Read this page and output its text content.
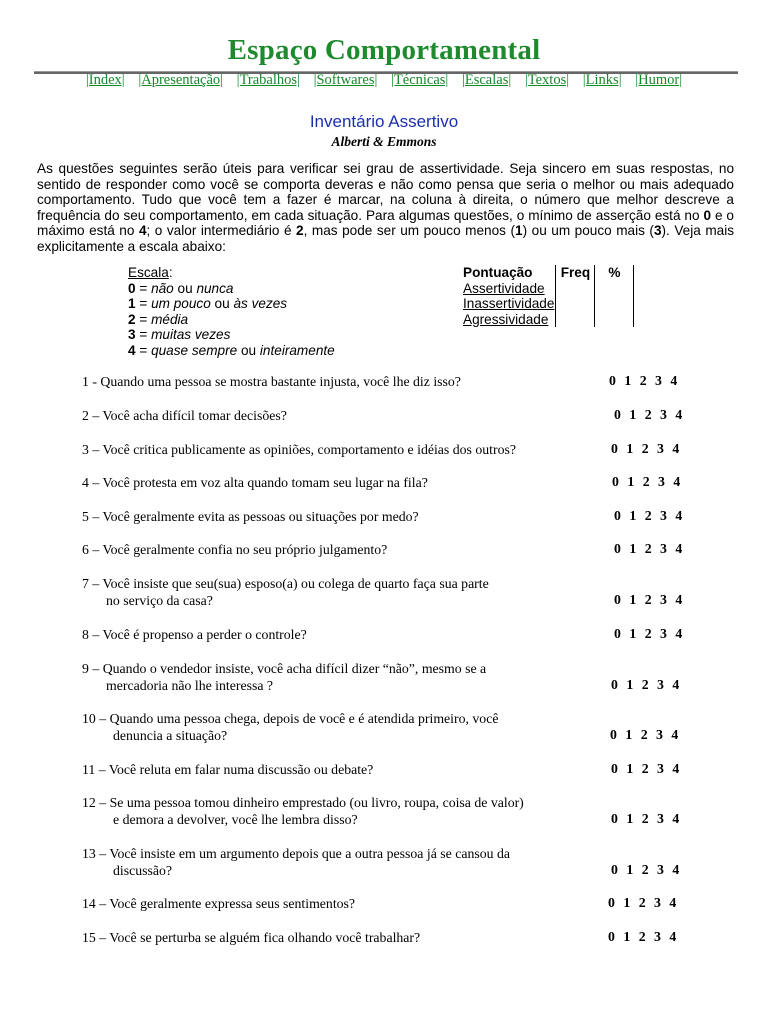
Espaço Comportamental
|Index| |Apresentação| |Trabalhos| |Softwares| |Técnicas| |Escalas| |Textos| |Links| |Humor|
Inventário Assertivo
Alberti & Emmons

As questões seguintes serão úteis para verificar sei grau de assertividade. Seja sincero em suas respostas, no sentido de responder como você se comporta deveras e não como pensa que seria o melhor ou mais adequado comportamento. Tudo que você tem a fazer é marcar, na coluna à direita, o número que melhor descreve a frequência do seu comportamento, em cada situação. Para algumas questões, o mínimo de asserção está no 0 e o máximo está no 4; o valor intermediário é 2, mas pode ser um pouco menos (1) ou um pouco mais (3). Veja mais explicitamente a escala abaixo:

Escala:
0 = não ou nunca
1 = um pouco ou às vezes
2 = média
3 = muitas vezes
4 = quase sempre ou inteiramente
Pontuação	Freq	%
Assertividade		
Inassertividade		
Agressividade		
1 - Quando uma pessoa se mostra bastante injusta, você lhe diz isso?	0 1 2 3 4
2 – Você acha difícil tomar decisões?	0 1 2 3 4
3 – Você critica publicamente as opiniões, comportamento e idéias dos outros?	0 1 2 3 4
4 – Você protesta em voz alta quando tomam seu lugar na fila?	0 1 2 3 4
5 – Você geralmente evita as pessoas ou situações por medo?	0 1 2 3 4
6 – Você geralmente confia no seu próprio julgamento?	0 1 2 3 4
7 – Você insiste que seu(sua) esposo(a) ou colega de quarto faça sua parte
no serviço da casa?	0 1 2 3 4
8 – Você é propenso a perder o controle?	0 1 2 3 4
9 – Quando o vendedor insiste, você acha difícil dizer “não”, mesmo se a
mercadoria não lhe interessa ?	0 1 2 3 4
10 – Quando uma pessoa chega, depois de você e é atendida primeiro, você
denuncia a situação?	0 1 2 3 4
11 – Você reluta em falar numa discussão ou debate?	0 1 2 3 4
12 – Se uma pessoa tomou dinheiro emprestado (ou livro, roupa, coisa de valor)
e demora a devolver, você lhe lembra disso?	0 1 2 3 4
13 – Você insiste em um argumento depois que a outra pessoa já se cansou da
discussão?	0 1 2 3 4
14 – Você geralmente expressa seus sentimentos?	0 1 2 3 4
15 – Você se perturba se alguém fica olhando você trabalhar?	0 1 2 3 4
